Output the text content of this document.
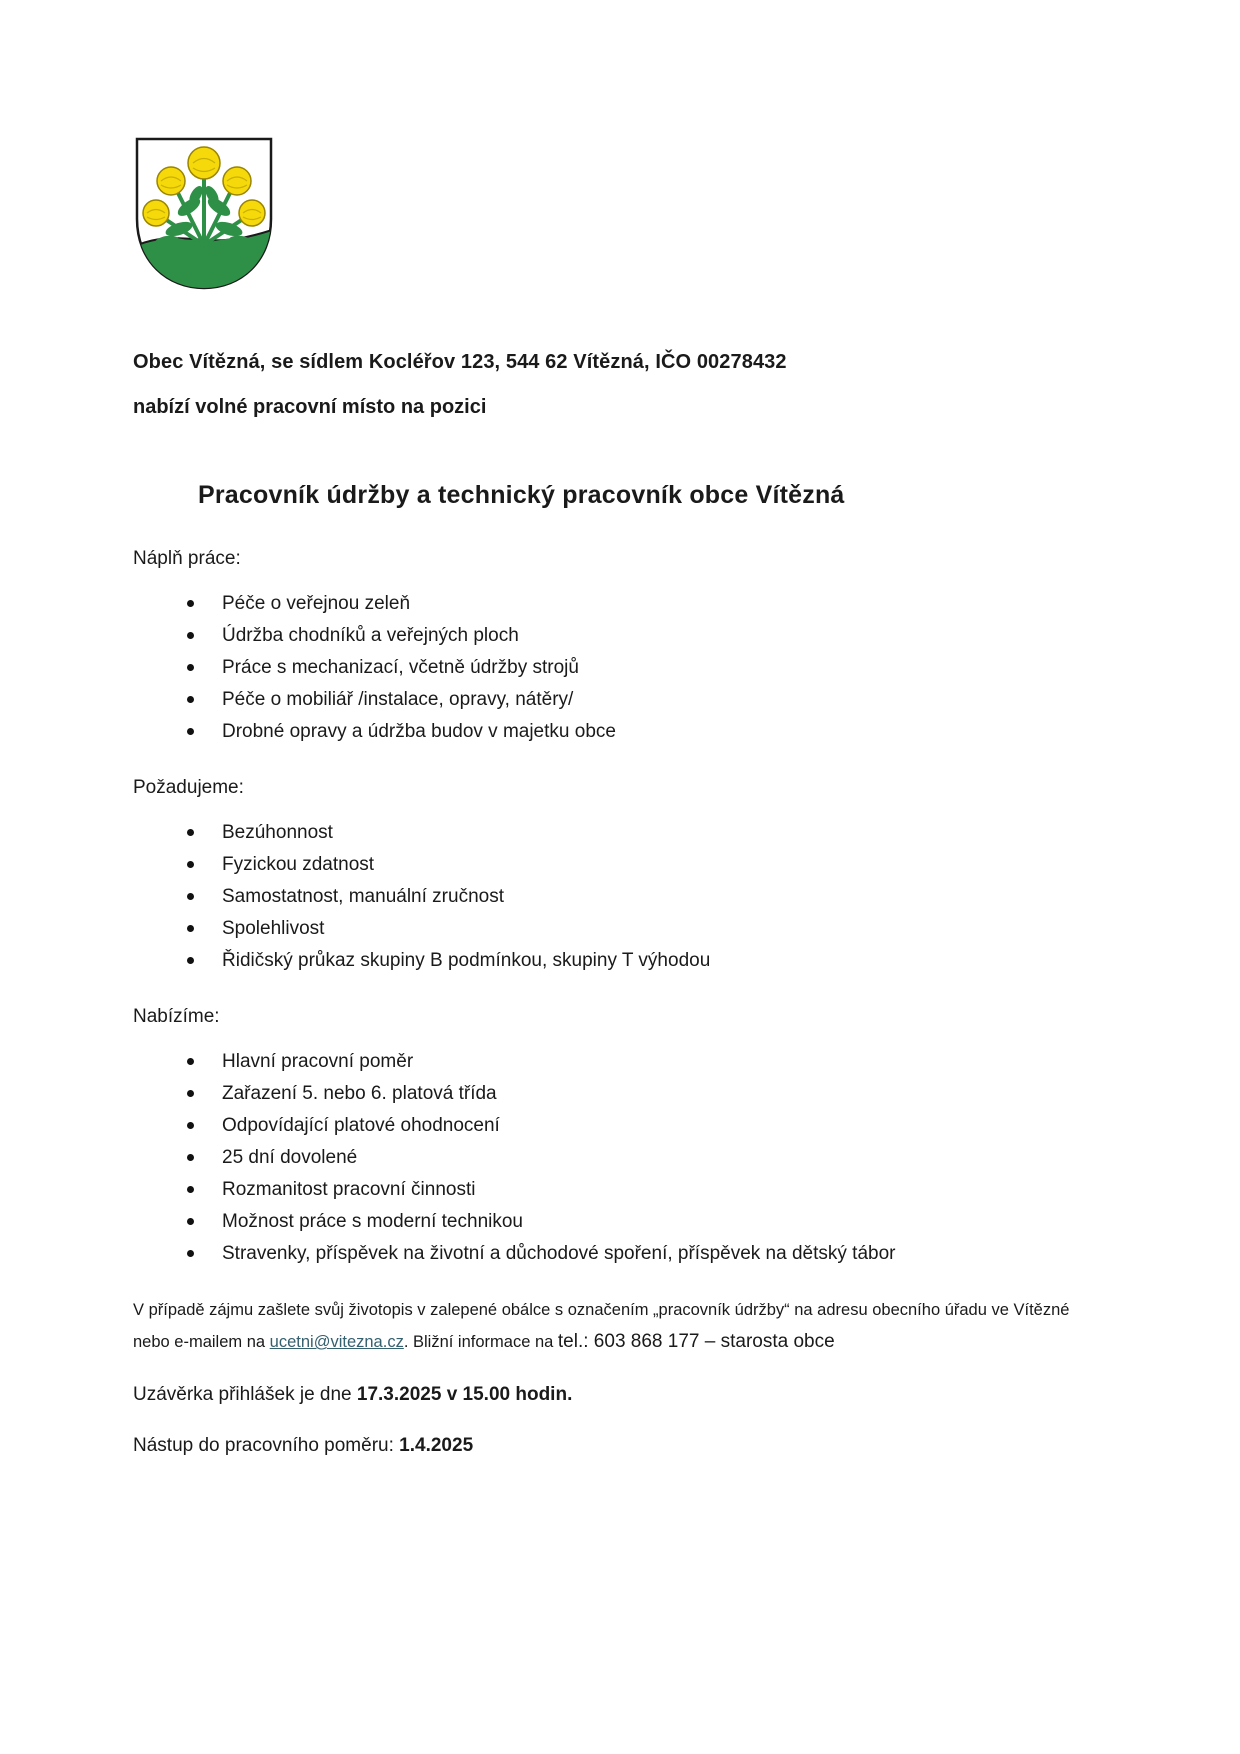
Obec Vítězná, se sídlem Kocléřov 123, 544 62 Vítězná, IČO 00278432

nabízí volné pracovní místo na pozici

Pracovník údržby a technický pracovník obce Vítězná

Náplň práce:

Péče o veřejnou zeleň
Údržba chodníků a veřejných ploch
Práce s mechanizací, včetně údržby strojů
Péče o mobiliář /instalace, opravy, nátěry/
Drobné opravy a údržba budov v majetku obce

Požadujeme:

Bezúhonnost
Fyzickou zdatnost
Samostatnost, manuální zručnost
Spolehlivost
Řidičský průkaz skupiny B podmínkou, skupiny T výhodou

Nabízíme:

Hlavní pracovní poměr
Zařazení 5. nebo 6. platová třída
Odpovídající platové ohodnocení
25 dní dovolené
Rozmanitost pracovní činnosti
Možnost práce s moderní technikou
Stravenky, příspěvek na životní a důchodové spoření, příspěvek na dětský tábor

V případě zájmu zašlete svůj životopis v zalepené obálce s označením „pracovník údržby“ na adresu obecního úřadu ve Vítězné nebo e-mailem na ucetni@vitezna.cz. Bližní informace na tel.: 603 868 177 – starosta obce

Uzávěrka přihlášek je dne 17.3.2025 v 15.00 hodin.

Nástup do pracovního poměru: 1.4.2025
